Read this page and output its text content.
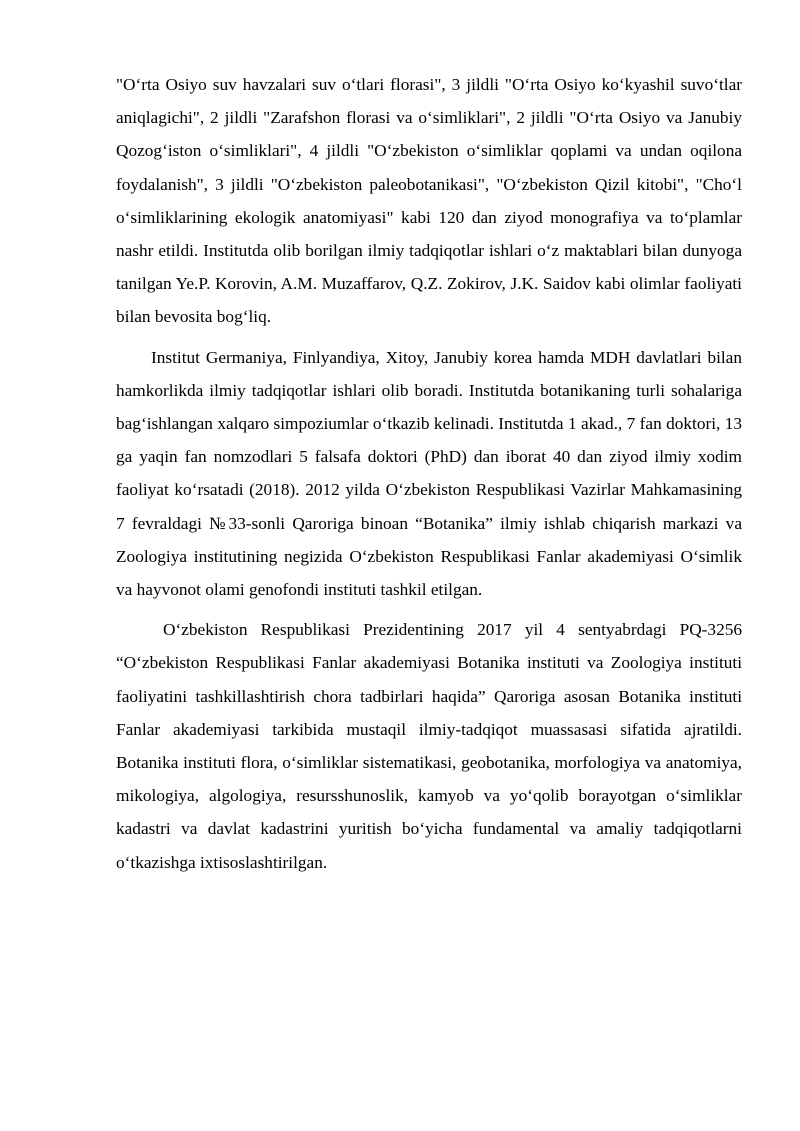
"O‘rta Osiyo suv havzalari suv o‘tlari florasi", 3 jildli "O‘rta Osiyo ko‘kyashil suvo‘tlar aniqlagichi", 2 jildli "Zarafshon florasi va o‘simliklari", 2 jildli "O‘rta Osiyo va Janubiy Qozog‘iston o‘simliklari", 4 jildli "O‘zbekiston o‘simliklar qoplami va undan oqilona foydalanish", 3 jildli "O‘zbekiston paleobotanikasi", "O‘zbekiston Qizil kitobi", "Cho‘l o‘simliklarining ekologik anatomiyasi" kabi 120 dan ziyod monografiya va to‘plamlar nashr etildi. Institutda olib borilgan ilmiy tadqiqotlar ishlari o‘z maktablari bilan dunyoga tanilgan Ye.P. Korovin, A.M. Muzaffarov, Q.Z. Zokirov, J.K. Saidov kabi olimlar faoliyati bilan bevosita bog‘liq.

Institut Germaniya, Finlyandiya, Xitoy, Janubiy korea hamda MDH davlatlari bilan hamkorlikda ilmiy tadqiqotlar ishlari olib boradi. Institutda botanikaning turli sohalariga bag‘ishlangan xalqaro simpoziumlar o‘tkazib kelinadi. Institutda 1 akad., 7 fan doktori, 13 ga yaqin fan nomzodlari 5 falsafa doktori (PhD) dan iborat 40 dan ziyod ilmiy xodim faoliyat ko‘rsatadi (2018). 2012 yilda O‘zbekiston Respublikasi Vazirlar Mahkamasining 7 fevraldagi №33-sonli Qaroriga binoan “Botanika” ilmiy ishlab chiqarish markazi va Zoologiya institutining negizida O‘zbekiston Respublikasi Fanlar akademiyasi O‘simlik va hayvonot olami genofondi instituti tashkil etilgan.

O‘zbekiston Respublikasi Prezidentining 2017 yil 4 sentyabrdagi PQ-3256 “O‘zbekiston Respublikasi Fanlar akademiyasi Botanika instituti va Zoologiya instituti faoliyatini tashkillashtirish chora tadbirlari haqida” Qaroriga asosan Botanika instituti Fanlar akademiyasi tarkibida mustaqil ilmiy-tadqiqot muassasasi sifatida ajratildi. Botanika instituti flora, o‘simliklar sistematikasi, geobotanika, morfologiya va anatomiya, mikologiya, algologiya, resursshunoslik, kamyob va yo‘qolib borayotgan o‘simliklar kadastri va davlat kadastrini yuritish bo‘yicha fundamental va amaliy tadqiqotlarni o‘tkazishga ixtisoslashtirilgan.
